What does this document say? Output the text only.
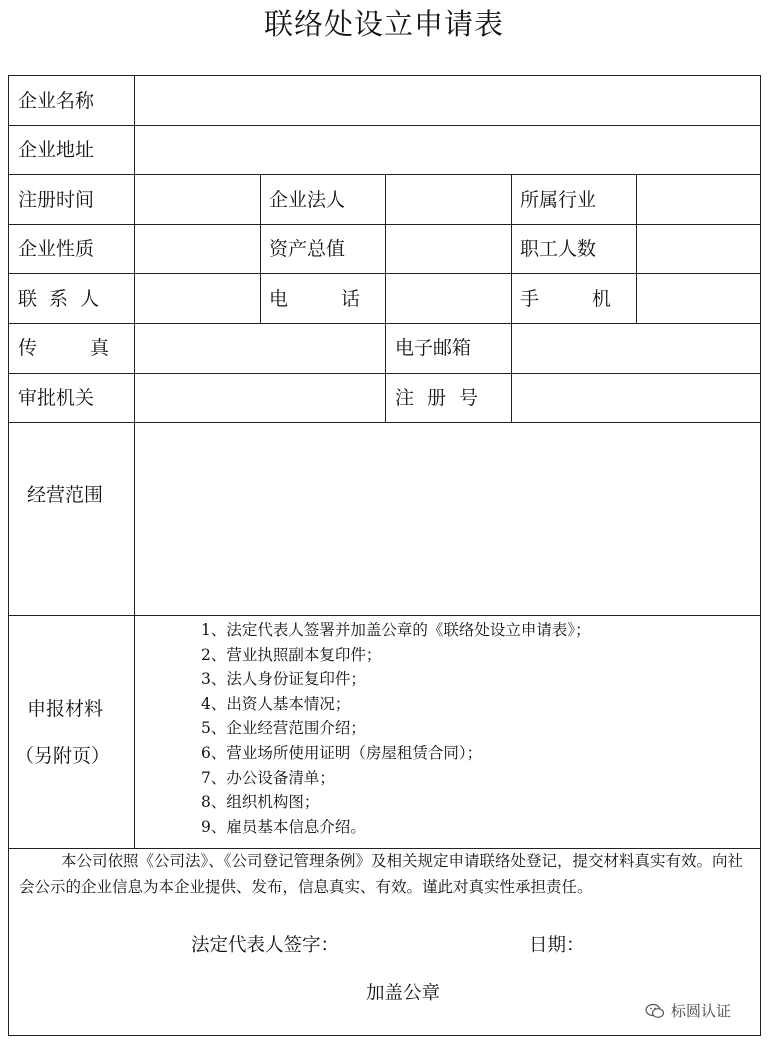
联络处设立申请表
企业名称
企业地址
注册时间	企业法人	所属行业
企业性质	资产总值	职工人数
联系人	电话	手机
传真	电子邮箱
审批机关	注册号
经营范围
申报材料
（另附页）
1、法定代表人签署并加盖公章的《联络处设立申请表》；
2、营业执照副本复印件；
3、法人身份证复印件；
4、出资人基本情况；
5、企业经营范围介绍；
6、营业场所使用证明（房屋租赁合同）；
7、办公设备清单；
8、组织机构图；
9、雇员基本信息介绍。

本公司依照《公司法》、《公司登记管理条例》及相关规定申请联络处登记，提交材料真实有效。向社会公示的企业信息为本企业提供、发布，信息真实、有效。谨此对真实性承担责任。

法定代表人签字：	日期：
加盖公章
标圆认证
